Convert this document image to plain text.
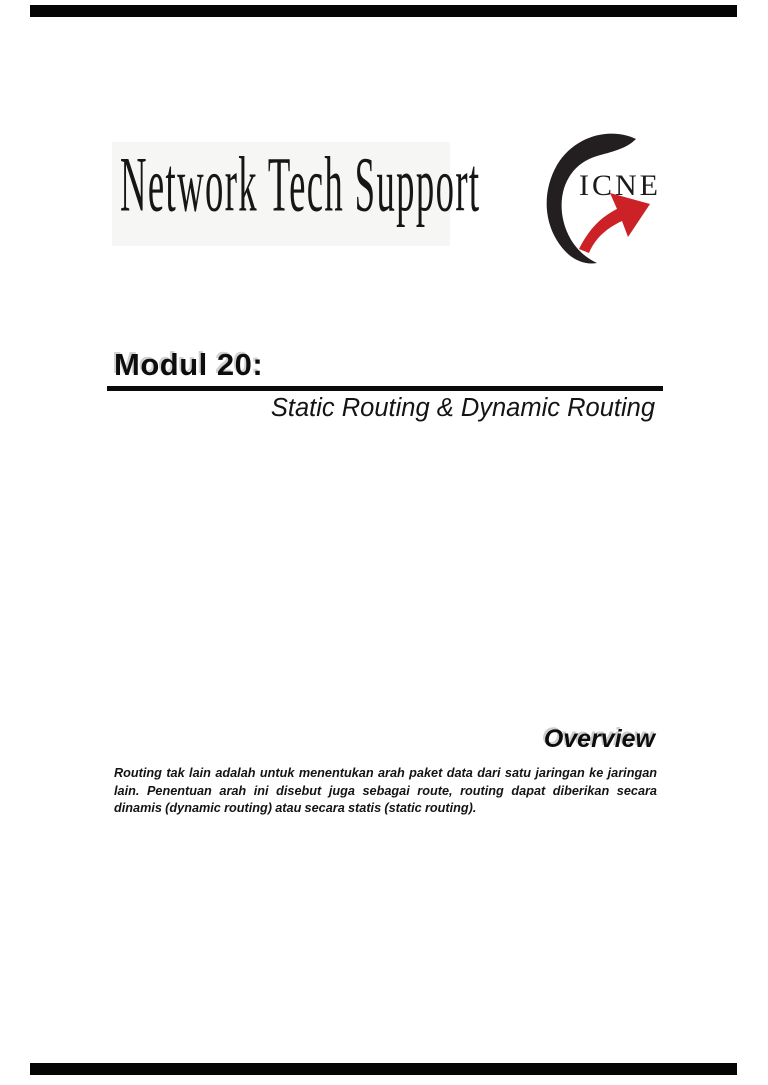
Network Tech Support	ICNE
Modul 20:
Static Routing & Dynamic Routing
Overview
Routing tak lain adalah untuk menentukan arah paket data dari satu jaringan ke jaringan
lain. Penentuan arah ini disebut juga sebagai route, routing dapat diberikan secara
dinamis (dynamic routing) atau secara statis (static routing).
